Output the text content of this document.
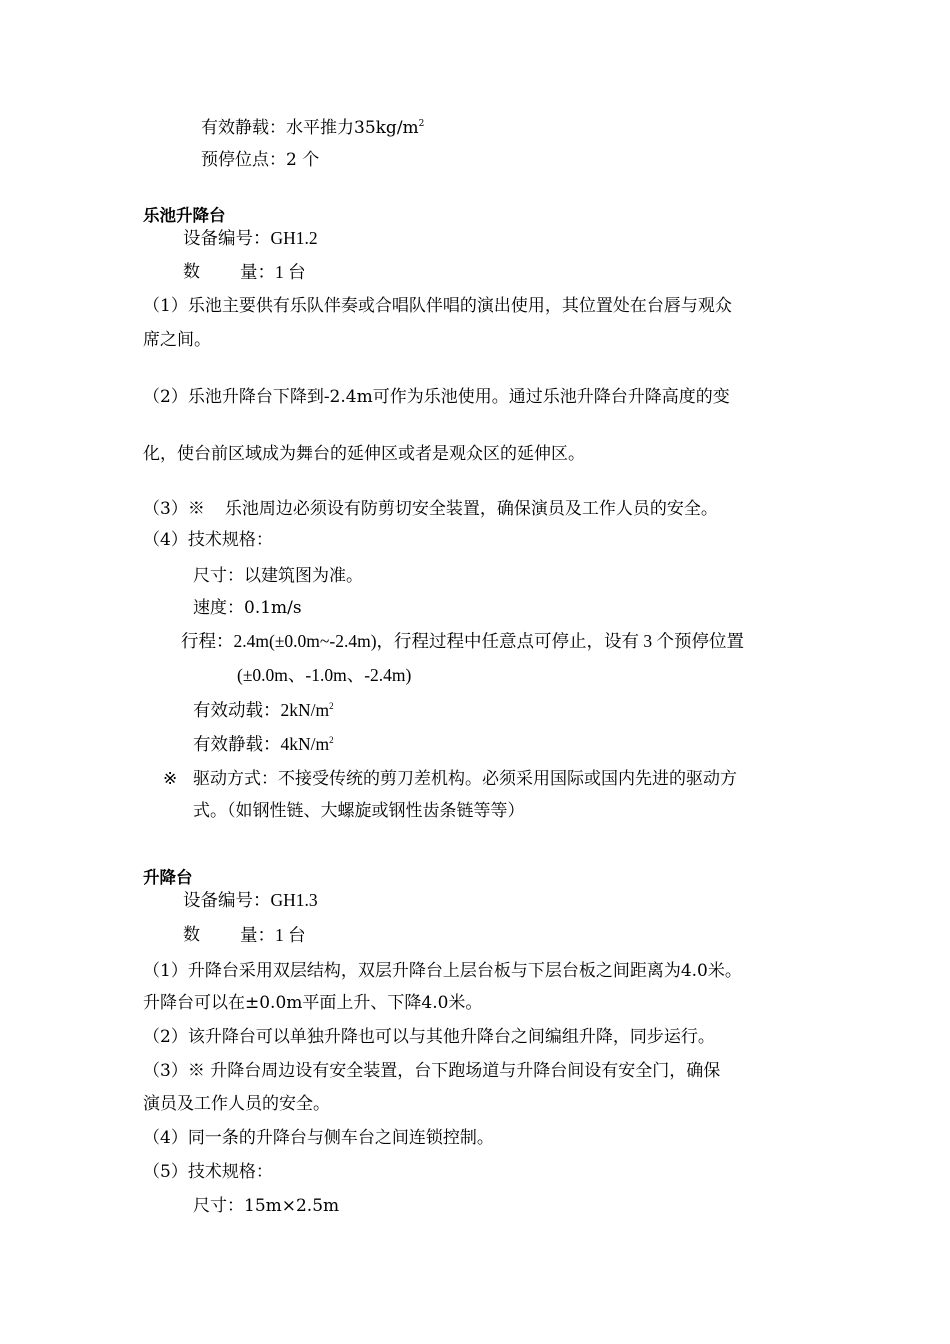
有效静载：水平推力$35kg/m^2$
预停位点：2 个
乐池升降台
设备编号：GH1.2
数 量：1 台
（1）乐池主要供有乐队伴奏或合唱队伴唱的演出使用，其位置处在台唇与观众
席之间。
（2）乐池升降台下降到-2.4m可作为乐池使用。通过乐池升降台升降高度的变
化，使台前区域成为舞台的延伸区或者是观众区的延伸区。
（3）※ 乐池周边必须设有防剪切安全装置，确保演员及工作人员的安全。
（4）技术规格：
尺寸：以建筑图为准。
速度：0.1m/s
行程：2.4m(±0.0m~-2.4m)，行程过程中任意点可停止，设有 3 个预停位置
(±0.0m、-1.0m、-2.4m)
有效动载：$2kN/m^2$
有效静载：$4kN/m^2$
※ 驱动方式：不接受传统的剪刀差机构。必须采用国际或国内先进的驱动方
式。（如钢性链、大螺旋或钢性齿条链等等）
升降台
设备编号：GH1.3
数 量：1 台
（1）升降台采用双层结构，双层升降台上层台板与下层台板之间距离为4.0米。
升降台可以在±0.0m平面上升、下降4.0米。
（2）该升降台可以单独升降也可以与其他升降台之间编组升降，同步运行。
（3）※ 升降台周边设有安全装置，台下跑场道与升降台间设有安全门，确保
演员及工作人员的安全。
（4）同一条的升降台与侧车台之间连锁控制。
（5）技术规格：
尺寸：15m×2.5m
